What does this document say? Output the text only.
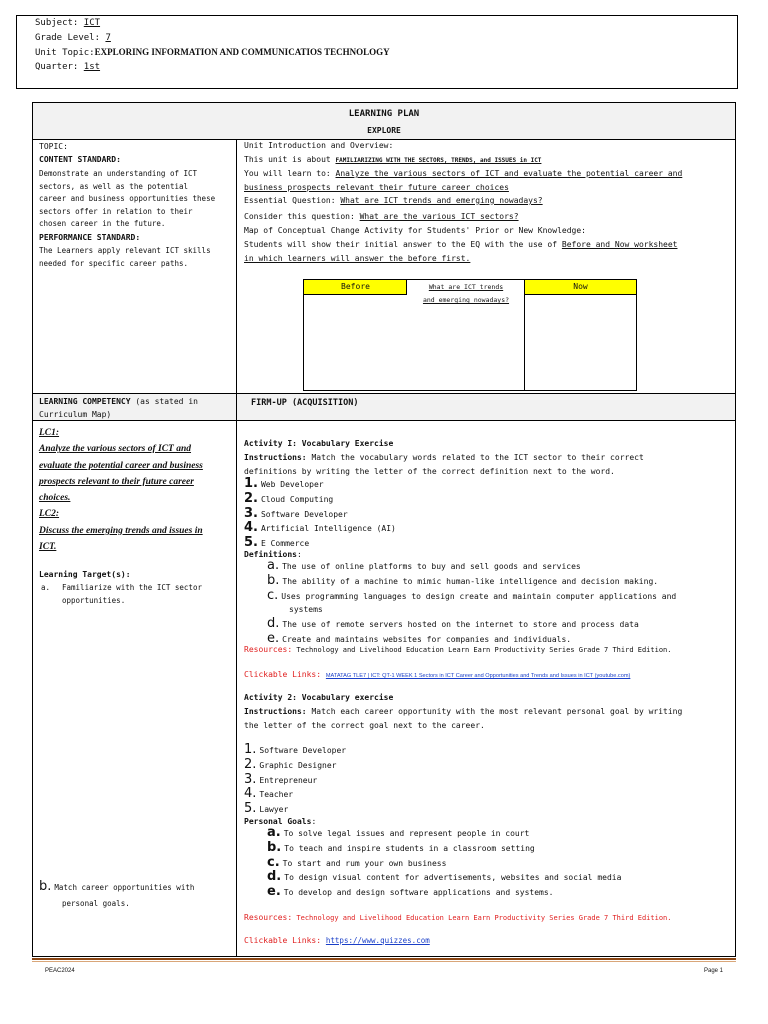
Subject: ICT
Grade Level: 7
Unit Topic:EXPLORING INFORMATION AND COMMUNICATIOS TECHNOLOGY
Quarter: 1st
LEARNING PLAN
EXPLORE
TOPIC:
CONTENT STANDARD:
Demonstrate an understanding of ICT
sectors, as well as the potential
career and business opportunities these
sectors offer in relation to their
chosen career in the future.
PERFORMANCE STANDARD:
The Learners apply relevant ICT skills
needed for specific career paths.
Unit Introduction and Overview:
This unit is about FAMILIARIZING WITH THE SECTORS, TRENDS, and ISSUES in ICT
You will learn to: Analyze the various sectors of ICT and evaluate the potential career and
business prospects relevant their future career choices
Essential Question: What are ICT trends and emerging nowadays?
Consider this question: What are the various ICT sectors?
Map of Conceptual Change Activity for Students' Prior or New Knowledge:
Students will show their initial answer to the EQ with the use of Before and Now worksheet
in which learners will answer the before first.
Before	What are ICT trends
and emerging nowadays?
Now
LEARNING COMPETENCY (as stated in
Curriculum Map)
FIRM-UP (ACQUISITION)
LC1:
Analyze the various sectors of ICT and
evaluate the potential career and business
prospects relevant to their future career
choices.
LC2:
Discuss the emerging trends and issues in
ICT.
Learning Target(s):
a. Familiarize with the ICT sector
opportunities.
b. Match career opportunities with
personal goals.
Activity I: Vocabulary Exercise
Instructions: Match the vocabulary words related to the ICT sector to their correct
definitions by writing the letter of the correct definition next to the word.
1. Web Developer
2. Cloud Computing
3. Software Developer
4. Artificial Intelligence (AI)
5. E Commerce
Definitions:
a. The use of online platforms to buy and sell goods and services
b. The ability of a machine to mimic human-like intelligence and decision making.
c. Uses programming languages to design create and maintain computer applications and
systems
d. The use of remote servers hosted on the internet to store and process data
e. Create and maintains websites for companies and individuals.
Resources: Technology and Livelihood Education Learn Earn Productivity Series Grade 7 Third Edition.
Clickable Links: MATATAG TLE7 | ICT: QT-1 WEEK 1 Sectors in ICT Career and Opportunities and Trends and Issues in ICT (youtube.com)
Activity 2: Vocabulary exercise
Instructions: Match each career opportunity with the most relevant personal goal by writing
the letter of the correct goal next to the career.
1. Software Developer
2. Graphic Designer
3. Entrepreneur
4. Teacher
5. Lawyer
Personal Goals:
a. To solve legal issues and represent people in court
b. To teach and inspire students in a classroom setting
c. To start and rum your own business
d. To design visual content for advertisements, websites and social media
e. To develop and design software applications and systems.
Resources: Technology and Livelihood Education Learn Earn Productivity Series Grade 7 Third Edition.
Clickable Links: https://www.quizzes.com
PEAC2024	Page 1
